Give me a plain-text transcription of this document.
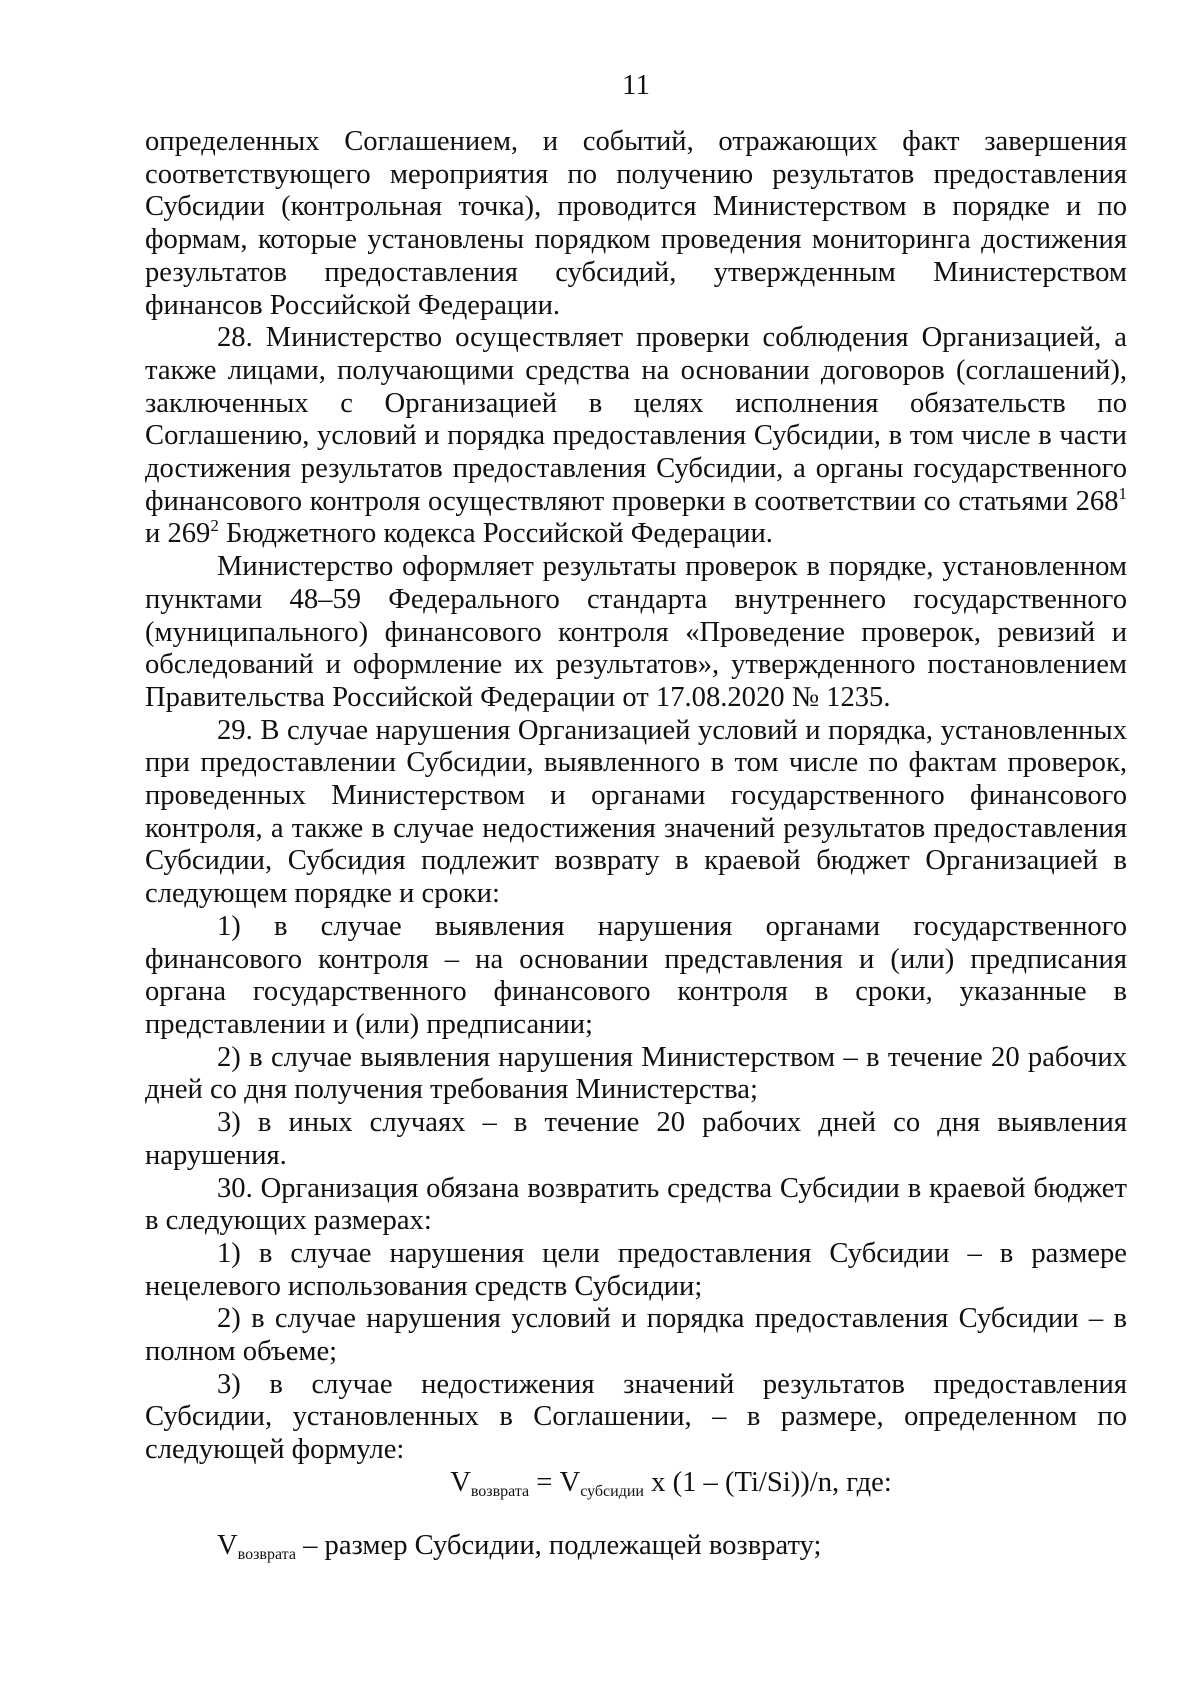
11

определенных Соглашением, и событий, отражающих факт завершения соответствующего мероприятия по получению результатов предоставления Субсидии (контрольная точка), проводится Министерством в порядке и по формам, которые установлены порядком проведения мониторинга достижения результатов предоставления субсидий, утвержденным Министерством финансов Российской Федерации.

28. Министерство осуществляет проверки соблюдения Организацией, а также лицами, получающими средства на основании договоров (соглашений), заключенных с Организацией в целях исполнения обязательств по Соглашению, условий и порядка предоставления Субсидии, в том числе в части достижения результатов предоставления Субсидии, а органы государственного финансового контроля осуществляют проверки в соответствии со статьями $268^1$ и $269^2$ Бюджетного кодекса Российской Федерации.

Министерство оформляет результаты проверок в порядке, установленном пунктами 48–59 Федерального стандарта внутреннего государственного (муниципального) финансового контроля «Проведение проверок, ревизий и обследований и оформление их результатов», утвержденного постановлением Правительства Российской Федерации от 17.08.2020 № 1235.

29. В случае нарушения Организацией условий и порядка, установленных при предоставлении Субсидии, выявленного в том числе по фактам проверок, проведенных Министерством и органами государственного финансового контроля, а также в случае недостижения значений результатов предоставления Субсидии, Субсидия подлежит возврату в краевой бюджет Организацией в следующем порядке и сроки:

1) в случае выявления нарушения органами государственного финансового контроля – на основании представления и (или) предписания органа государственного финансового контроля в сроки, указанные в представлении и (или) предписании;

2) в случае выявления нарушения Министерством – в течение 20 рабочих дней со дня получения требования Министерства;

3) в иных случаях – в течение 20 рабочих дней со дня выявления нарушения.

30. Организация обязана возвратить средства Субсидии в краевой бюджет в следующих размерах:

1) в случае нарушения цели предоставления Субсидии – в размере нецелевого использования средств Субсидии;

2) в случае нарушения условий и порядка предоставления Субсидии – в полном объеме;

3) в случае недостижения значений результатов предоставления Субсидии, установленных в Соглашении, – в размере, определенном по следующей формуле:

$V_{возврата} = V_{субсидии}$ x (1 – (Ti/Si))/n, где:

$V_{возврата}$ – размер Субсидии, подлежащей возврату;
